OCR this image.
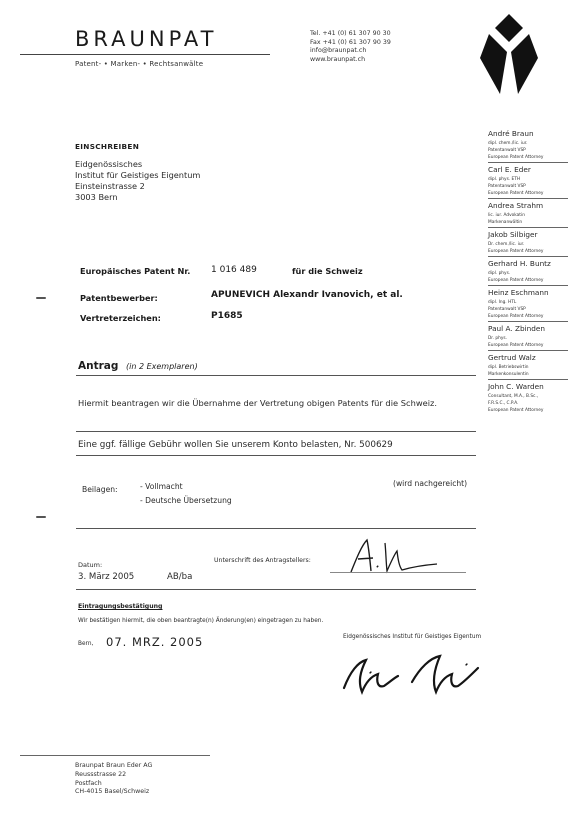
BRAUNPAT
Patent- • Marken- • Rechtsanwälte
Tel. +41 (0) 61 307 90 30
Fax +41 (0) 61 307 90 39
info@braunpat.ch
www.braunpat.ch
EINSCHREIBEN
Eidgenössisches
Institut für Geistiges Eigentum
Einsteinstrasse 2
3003 Bern
André Braun
dipl. chem./lic. iur.
Patentanwalt VSP
European Patent Attorney
Carl E. Eder
dipl. phys. ETH
Patentanwalt VSP
European Patent Attorney
Andrea Strahm
lic. iur. Advokatin
Markenanwältin
Jakob Silbiger
Dr. chem./lic. iur.
European Patent Attorney
Gerhard H. Buntz
dipl. phys.
European Patent Attorney
Heinz Eschmann
dipl. Ing. HTL
Patentanwalt VSP
European Patent Attorney
Paul A. Zbinden
Dr. phys.
European Patent Attorney
Gertrud Walz
dipl. Betriebswirtin
Markenkonsulentin
John C. Warden
Consultant, M.A., B.Sc.,
F.R.S.C., C.P.A.
European Patent Attorney
Europäisches Patent Nr. 1 016 489	für die Schweiz
Patentbewerber:	APUNEVICH Alexandr Ivanovich, et al.
Vertreterzeichen:	P1685
Antrag (in 2 Exemplaren)
Hiermit beantragen wir die Übernahme der Vertretung obigen Patents für die Schweiz.
Eine ggf. fällige Gebühr wollen Sie unserem Konto belasten, Nr. 500629
Beilagen:	- Vollmacht
- Deutsche Übersetzung
(wird nachgereicht)
Datum:
3. März 2005	AB/ba
Unterschrift des Antragstellers:
Eintragungsbestätigung
Wir bestätigen hiermit, die oben beantragte(n) Änderung(en) eingetragen zu haben.
Bern, 07. MRZ. 2005	Eidgenössisches Institut für Geistiges Eigentum
Braunpat Braun Eder AG
Reussstrasse 22
Postfach
CH-4015 Basel/Schweiz
